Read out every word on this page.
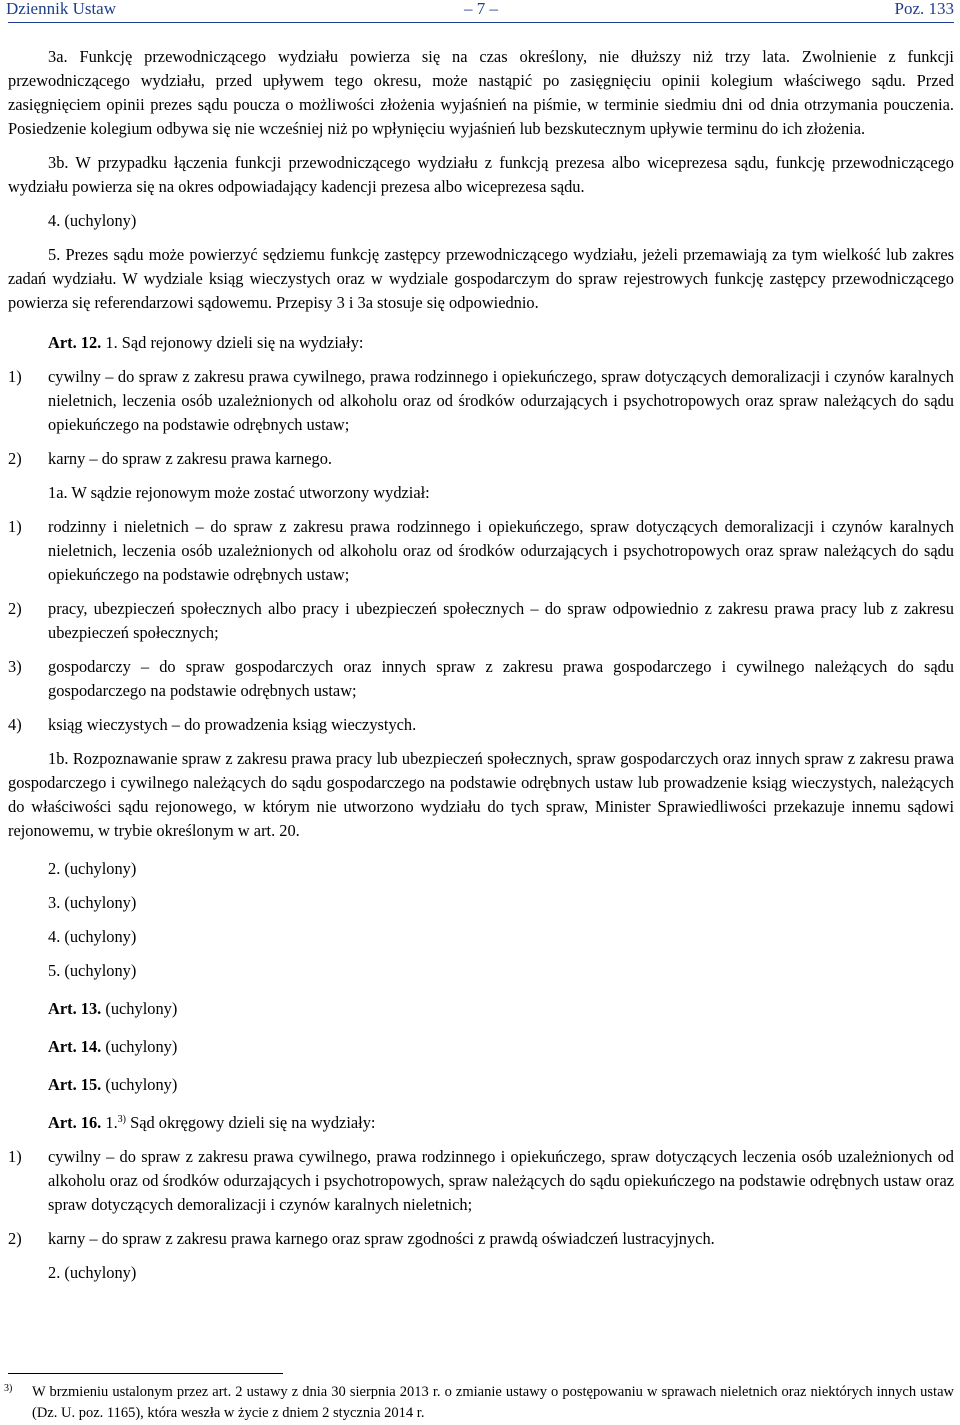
Dziennik Ustaw	– 7 –	Poz. 133

3a. Funkcję przewodniczącego wydziału powierza się na czas określony, nie dłuższy niż trzy lata. Zwolnienie z funkcji przewodniczącego wydziału, przed upływem tego okresu, może nastąpić po zasięgnięciu opinii kolegium właściwego sądu. Przed zasięgnięciem opinii prezes sądu poucza o możliwości złożenia wyjaśnień na piśmie, w terminie siedmiu dni od dnia otrzymania pouczenia. Posiedzenie kolegium odbywa się nie wcześniej niż po wpłynięciu wyjaśnień lub bezskutecznym upływie terminu do ich złożenia.

3b. W przypadku łączenia funkcji przewodniczącego wydziału z funkcją prezesa albo wiceprezesa sądu, funkcję przewodniczącego wydziału powierza się na okres odpowiadający kadencji prezesa albo wiceprezesa sądu.

4. (uchylony)

5. Prezes sądu może powierzyć sędziemu funkcję zastępcy przewodniczącego wydziału, jeżeli przemawiają za tym wielkość lub zakres zadań wydziału. W wydziale ksiąg wieczystych oraz w wydziale gospodarczym do spraw rejestrowych funkcję zastępcy przewodniczącego powierza się referendarzowi sądowemu. Przepisy 3 i 3a stosuje się odpowiednio.

Art. 12. 1. Sąd rejonowy dzieli się na wydziały:

1) cywilny – do spraw z zakresu prawa cywilnego, prawa rodzinnego i opiekuńczego, spraw dotyczących demoralizacji i czynów karalnych nieletnich, leczenia osób uzależnionych od alkoholu oraz od środków odurzających i psychotropowych oraz spraw należących do sądu opiekuńczego na podstawie odrębnych ustaw;
2) karny – do spraw z zakresu prawa karnego.

1a. W sądzie rejonowym może zostać utworzony wydział:

1) rodzinny i nieletnich – do spraw z zakresu prawa rodzinnego i opiekuńczego, spraw dotyczących demoralizacji i czynów karalnych nieletnich, leczenia osób uzależnionych od alkoholu oraz od środków odurzających i psychotropowych oraz spraw należących do sądu opiekuńczego na podstawie odrębnych ustaw;
2) pracy, ubezpieczeń społecznych albo pracy i ubezpieczeń społecznych – do spraw odpowiednio z zakresu prawa pracy lub z zakresu ubezpieczeń społecznych;
3) gospodarczy – do spraw gospodarczych oraz innych spraw z zakresu prawa gospodarczego i cywilnego należących do sądu gospodarczego na podstawie odrębnych ustaw;
4) ksiąg wieczystych – do prowadzenia ksiąg wieczystych.

1b. Rozpoznawanie spraw z zakresu prawa pracy lub ubezpieczeń społecznych, spraw gospodarczych oraz innych spraw z zakresu prawa gospodarczego i cywilnego należących do sądu gospodarczego na podstawie odrębnych ustaw lub prowadzenie ksiąg wieczystych, należących do właściwości sądu rejonowego, w którym nie utworzono wydziału do tych spraw, Minister Sprawiedliwości przekazuje innemu sądowi rejonowemu, w trybie określonym w art. 20.

2. (uchylony)

3. (uchylony)

4. (uchylony)

5. (uchylony)

Art. 13. (uchylony)

Art. 14. (uchylony)

Art. 15. (uchylony)

Art. 16. 1.$^{3)}$ Sąd okręgowy dzieli się na wydziały:

1) cywilny – do spraw z zakresu prawa cywilnego, prawa rodzinnego i opiekuńczego, spraw dotyczących leczenia osób uzależnionych od alkoholu oraz od środków odurzających i psychotropowych, spraw należących do sądu opiekuńczego na podstawie odrębnych ustaw oraz spraw dotyczących demoralizacji i czynów karalnych nieletnich;
2) karny – do spraw z zakresu prawa karnego oraz spraw zgodności z prawdą oświadczeń lustracyjnych.

2. (uchylony)

3)	W brzmieniu ustalonym przez art. 2 ustawy z dnia 30 sierpnia 2013 r. o zmianie ustawy o postępowaniu w sprawach nieletnich oraz niektórych innych ustaw (Dz. U. poz. 1165), która weszła w życie z dniem 2 stycznia 2014 r.
